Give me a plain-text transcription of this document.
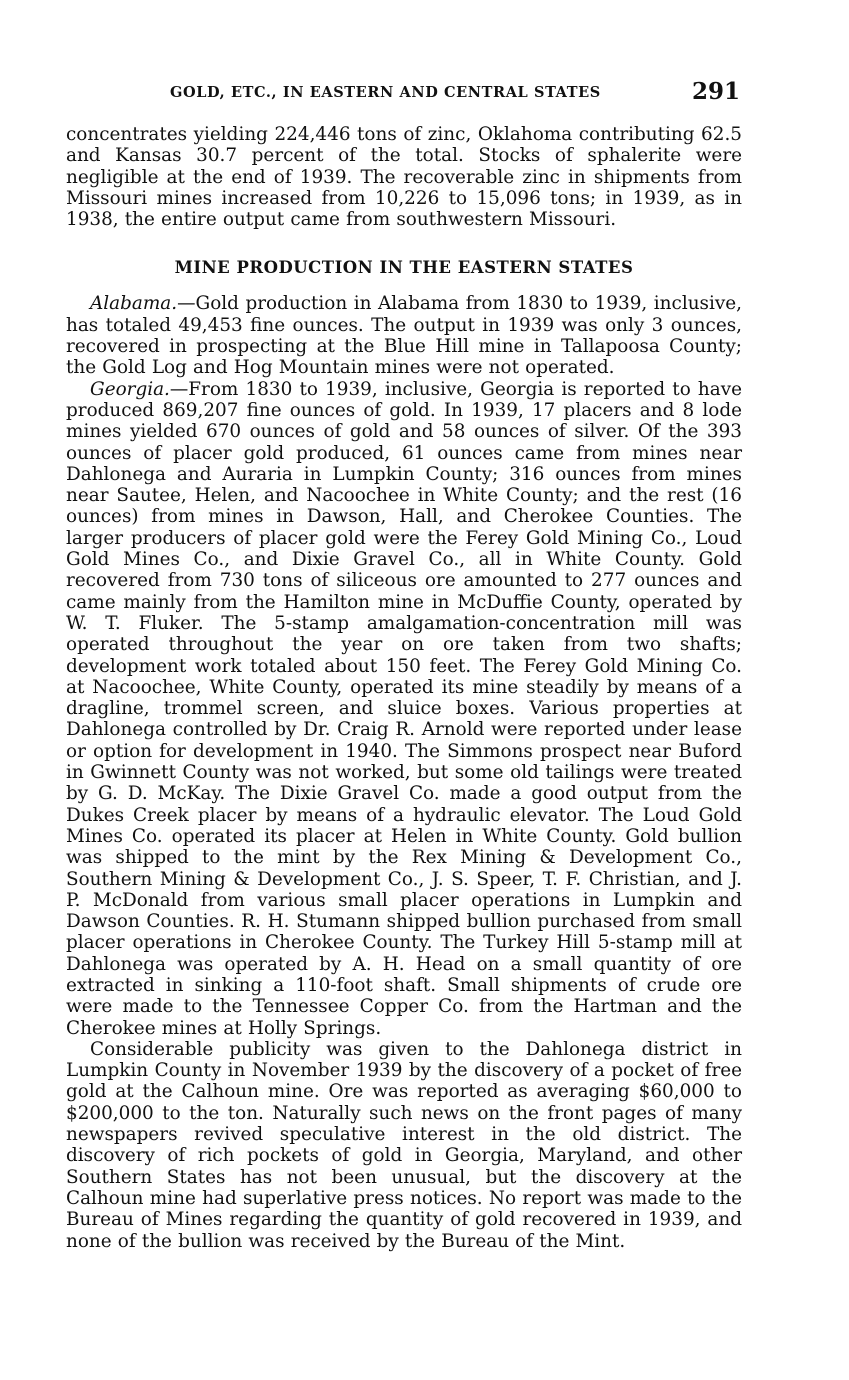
GOLD, ETC., IN EASTERN AND CENTRAL STATES	291

concentrates yielding 224,446 tons of zinc, Oklahoma contributing 62.5 and Kansas 30.7 percent of the total. Stocks of sphalerite were negligible at the end of 1939. The recoverable zinc in shipments from Missouri mines increased from 10,226 to 15,096 tons; in 1939, as in 1938, the entire output came from southwestern Missouri.

MINE PRODUCTION IN THE EASTERN STATES

Alabama.—Gold production in Alabama from 1830 to 1939, inclusive, has totaled 49,453 fine ounces. The output in 1939 was only 3 ounces, recovered in prospecting at the Blue Hill mine in Tallapoosa County; the Gold Log and Hog Mountain mines were not operated.

Georgia.—From 1830 to 1939, inclusive, Georgia is reported to have produced 869,207 fine ounces of gold. In 1939, 17 placers and 8 lode mines yielded 670 ounces of gold and 58 ounces of silver. Of the 393 ounces of placer gold produced, 61 ounces came from mines near Dahlonega and Auraria in Lumpkin County; 316 ounces from mines near Sautee, Helen, and Nacoochee in White County; and the rest (16 ounces) from mines in Dawson, Hall, and Cherokee Counties. The larger producers of placer gold were the Ferey Gold Mining Co., Loud Gold Mines Co., and Dixie Gravel Co., all in White County. Gold recovered from 730 tons of siliceous ore amounted to 277 ounces and came mainly from the Hamilton mine in McDuffie County, operated by W. T. Fluker. The 5-stamp amalgamation-concentration mill was operated throughout the year on ore taken from two shafts; development work totaled about 150 feet. The Ferey Gold Mining Co. at Nacoochee, White County, operated its mine steadily by means of a dragline, trommel screen, and sluice boxes. Various properties at Dahlonega controlled by Dr. Craig R. Arnold were reported under lease or option for development in 1940. The Simmons prospect near Buford in Gwinnett County was not worked, but some old tailings were treated by G. D. McKay. The Dixie Gravel Co. made a good output from the Dukes Creek placer by means of a hydraulic elevator. The Loud Gold Mines Co. operated its placer at Helen in White County. Gold bullion was shipped to the mint by the Rex Mining & Development Co., Southern Mining & Development Co., J. S. Speer, T. F. Christian, and J. P. McDonald from various small placer operations in Lumpkin and Dawson Counties. R. H. Stumann shipped bullion purchased from small placer operations in Cherokee County. The Turkey Hill 5-stamp mill at Dahlonega was operated by A. H. Head on a small quantity of ore extracted in sinking a 110-foot shaft. Small shipments of crude ore were made to the Tennessee Copper Co. from the Hartman and the Cherokee mines at Holly Springs.

Considerable publicity was given to the Dahlonega district in Lumpkin County in November 1939 by the discovery of a pocket of free gold at the Calhoun mine. Ore was reported as averaging $60,000 to $200,000 to the ton. Naturally such news on the front pages of many newspapers revived speculative interest in the old district. The discovery of rich pockets of gold in Georgia, Maryland, and other Southern States has not been unusual, but the discovery at the Calhoun mine had superlative press notices. No report was made to the Bureau of Mines regarding the quantity of gold recovered in 1939, and none of the bullion was received by the Bureau of the Mint.
